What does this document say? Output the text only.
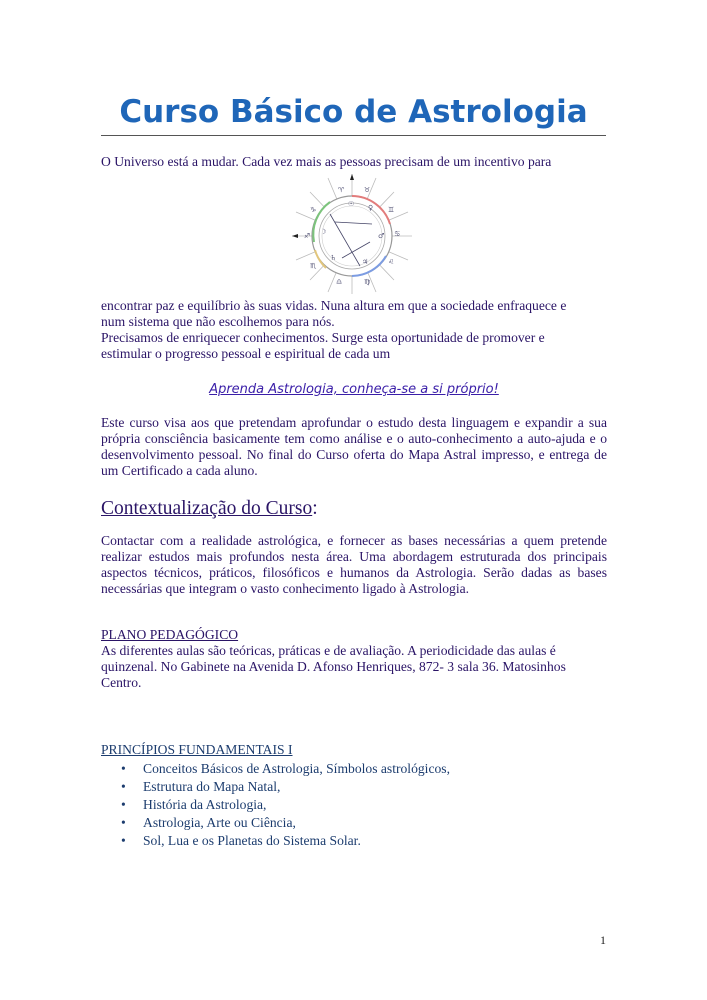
Curso Básico de Astrologia

O Universo está a mudar. Cada vez mais as pessoas precisam de um incentivo para

♈	♉
♊
♋
♌
♍
♎
♏
♐
♑
☉ ♀
♂
♃
♄
☽
encontrar paz e equilíbrio às suas vidas. Nuna altura em que a sociedade enfraquece e
num sistema que não escolhemos para nós.
Precisamos de enriquecer conhecimentos. Surge esta oportunidade de promover e
estimular o progresso pessoal e espiritual de cada um

Aprenda Astrologia, conheça-se a si próprio!

Este curso visa aos que pretendam aprofundar o estudo desta linguagem e expandir a sua própria consciência basicamente tem como análise e o auto-conhecimento a auto-ajuda e o desenvolvimento pessoal. No final do Curso oferta do Mapa Astral impresso, e entrega de um Certificado a cada aluno.

Contextualização do Curso:

Contactar com a realidade astrológica, e fornecer as bases necessárias a quem pretende realizar estudos mais profundos nesta área. Uma abordagem estruturada dos principais aspectos técnicos, práticos, filosóficos e humanos da Astrologia. Serão dadas as bases necessárias que integram o vasto conhecimento ligado à Astrologia.

PLANO PEDAGÓGICO
As diferentes aulas são teóricas, práticas e de avaliação. A periodicidade das aulas é quinzenal. No Gabinete na Avenida D. Afonso Henriques, 872- 3 sala 36. Matosinhos Centro.
PRINCÍPIOS FUNDAMENTAIS I
• Conceitos Básicos de Astrologia, Símbolos astrológicos,
• Estrutura do Mapa Natal,
• História da Astrologia,
• Astrologia, Arte ou Ciência,
• Sol, Lua e os Planetas do Sistema Solar.

1
